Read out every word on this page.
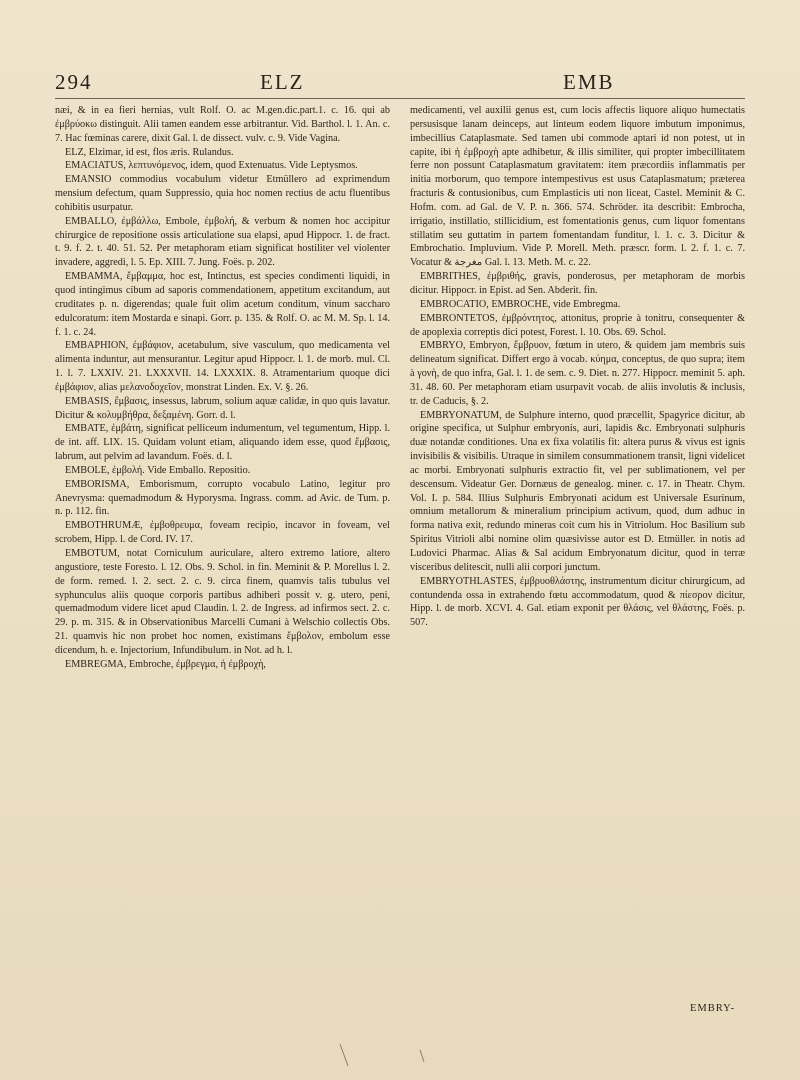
294	ELZ	EMB

næi, & in ea fieri hernias, vult Rolf. O. ac M.gen.dic.part.1. c. 16. qui ab ἐμβρύοκω distinguit. Alii tamen eandem esse arbitrantur. Vid. Barthol. l. 1. An. c. 7. Hac fœminas carere, dixit Gal. l. de dissect. vulv. c. 9. Vide Vagina.

ELZ, Elzimar, id est, flos æris. Rulandus.

EMACIATUS, λεπτυνόμενος, idem, quod Extenuatus. Vide Leptysmos.

EMANSIO commodius vocabulum videtur Etmüllero ad exprimendum mensium defectum, quam Suppressio, quia hoc nomen rectius de actu fluentibus cohibitis usurpatur.

EMBALLO, ἐμβάλλω, Embole, ἐμβολή, & verbum & nomen hoc accipitur chirurgice de repositione ossis articulatione sua elapsi, apud Hippocr. 1. de fract. t. 9. f. 2. t. 40. 51. 52. Per metaphoram etiam significat hostiliter vel violenter invadere, aggredi, l. 5. Ep. XIII. 7. Jung. Foës. p. 202.

EMBAMMA, ἔμβαμμα, hoc est, Intinctus, est species condimenti liquidi, in quod intingimus cibum ad saporis commendationem, appetitum excitandum, aut cruditates p. n. digerendas; quale fuit olim acetum conditum, vinum saccharo edulcoratum: item Mostarda e sinapi. Gorr. p. 135. & Rolf. O. ac M. M. Sp. l. 14. f. 1. c. 24.

EMBAPHION, ἐμβάφιον, acetabulum, sive vasculum, quo medicamenta vel alimenta induntur, aut mensurantur. Legitur apud Hippocr. l. 1. de morb. mul. Cl. 1. l. 7. LXXIV. 21. LXXXVII. 14. LXXXIX. 8. Atramentarium quoque dici ἐμβάφιον, alias μελανοδοχεῖον, monstrat Linden. Ex. V. §. 26.

EMBASIS, ἔμβασις, insessus, labrum, solium aquæ calidæ, in quo quis lavatur. Dicitur & κολυμβήθρα, δεξαμένη. Gorr. d. l.

EMBATE, ἐμβάτη, significat pelliceum indumentum, vel tegumentum, Hipp. l. de int. aff. LIX. 15. Quidam volunt etiam, aliquando idem esse, quod ἔμβασις, labrum, aut pelvim ad lavandum. Foës. d. l.

EMBOLE, ἐμβολή. Vide Emballo. Repositio.

EMBORISMA, Emborismum, corrupto vocabulo Latino, legitur pro Anevrysma: quemadmodum & Hyporysma. Ingrass. comm. ad Avic. de Tum. p. n. p. 112. fin.

EMBOTHRUMÆ, ἐμβοθρευμα, foveam recipio, incavor in foveam, vel scrobem, Hipp. l. de Cord. IV. 17.

EMBOTUM, notat Corniculum auriculare, altero extremo latiore, altero angustiore, teste Foresto. l. 12. Obs. 9. Schol. in fin. Meminit & P. Morellus l. 2. de form. remed. l. 2. sect. 2. c. 9. circa finem, quamvis talis tubulus vel syphunculus aliis quoque corporis partibus adhiberi possit v. g. utero, peni, quemadmodum videre licet apud Claudin. l. 2. de Ingress. ad infirmos sect. 2. c. 29. p. m. 315. & in Observationibus Marcelli Cumani à Welschio collectis Obs. 21. quamvis hic non probet hoc nomen, existimans ἔμβολον, embolum esse dicendum, h. e. Injectorium, Infundibulum. in Not. ad h. l.

EMBREGMA, Embroche, ἐμβρεγμα, ἡ ἐμβροχὴ,

medicamenti, vel auxilii genus est, cum locis affectis liquore aliquo humectatis persusisque lanam deinceps, aut linteum eodem liquore imbutum imponimus, imbecillius Cataplasmate. Sed tamen ubi commode aptari id non potest, ut in capite, ibi ἡ ἐμβροχὴ apte adhibetur, & illis similiter, qui propter imbecillitatem ferre non possunt Cataplasmatum gravitatem: item præcordiis inflammatis per initia morborum, quo tempore intempestivus est usus Cataplasmatum; præterea fracturis & contusionibus, cum Emplasticis uti non liceat, Castel. Meminit & C. Hofm. com. ad Gal. de V. P. n. 366. 574. Schröder. ita describit: Embrocha, irrigatio, instillatio, stillicidium, est fomentationis genus, cum liquor fomentans stillatim seu guttatim in partem fomentandam funditur, l. 1. c. 3. Dicitur & Embrochatio. Impluvium. Vide P. Morell. Meth. præscr. form. l. 2. f. 1. c. 7. Vocatur & مغرجة Gal. l. 13. Meth. M. c. 22.

EMBRITHES, ἐμβριθής, gravis, ponderosus, per metaphoram de morbis dicitur. Hippocr. in Epist. ad Sen. Abderit. fin.

EMBROCATIO, EMBROCHE, vide Embregma.

EMBRONTETOS, ἐμβρόντητος, attonitus, proprie à tonitru, consequenter & de apoplexia correptis dici potest, Forest. l. 10. Obs. 69. Schol.

EMBRYO, Embryon, ἔμβρυον, fœtum in utero, & quidem jam membris suis delineatum significat. Differt ergo à vocab. κύημα, conceptus, de quo supra; item à γονὴ, de quo infra, Gal. l. 1. de sem. c. 9. Diet. n. 277. Hippocr. meminit 5. aph. 31. 48. 60. Per metaphoram etiam usurpavit vocab. de aliis involutis & inclusis, tr. de Caducis, §. 2.

EMBRYONATUM, de Sulphure interno, quod præcellit, Spagyrice dicitur, ab origine specifica, ut Sulphur embryonis, auri, lapidis &c. Embryonati sulphuris duæ notandæ conditiones. Una ex fixa volatilis fit: altera purus & vivus est ignis invisibilis & visibilis. Utraque in similem consummationem transit, ligni videlicet ac morbi. Embryonati sulphuris extractio fit, vel per sublimationem, vel per descensum. Videatur Ger. Dornæus de genealog. miner. c. 17. in Theatr. Chym. Vol. I. p. 584. Illius Sulphuris Embryonati acidum est Universale Esurinum, omnium metallorum & mineralium principium activum, quod, dum adhuc in forma nativa exit, redundo mineras coit cum his in Vitriolum. Hoc Basilium sub Spiritus Vitrioli albi nomine olim quæsivisse autor est D. Etmüller. in notis ad Ludovici Pharmac. Alias & Sal acidum Embryonatum dicitur, quod in terræ visceribus delitescit, nulli alii corpori junctum.

EMBRYOTHLASTES, ἐμβρυοθλάστης, instrumentum dicitur chirurgicum, ad contundenda ossa in extrahendo fœtu accommodatum, quod & πίεσρον dicitur, Hipp. l. de morb. XCVI. 4. Gal. etiam exponit per θλάσις, vel θλάστης, Foës. p. 507.

EMBRY-
